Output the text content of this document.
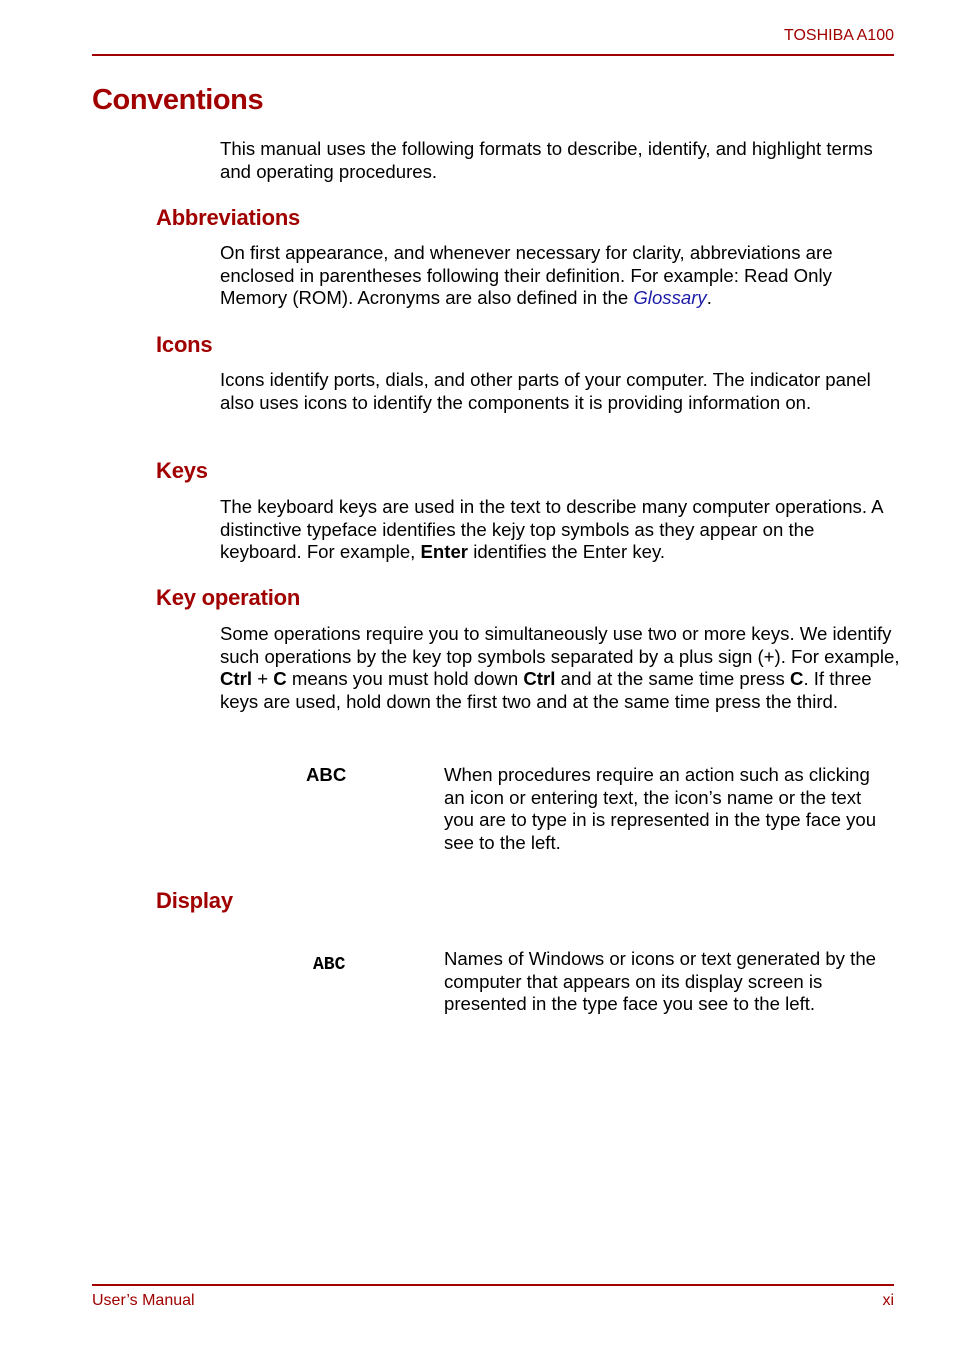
TOSHIBA A100
Conventions

This manual uses the following formats to describe, identify, and highlight terms and operating procedures.

Abbreviations

On first appearance, and whenever necessary for clarity, abbreviations are enclosed in parentheses following their definition. For example: Read Only Memory (ROM). Acronyms are also defined in the Glossary.

Icons

Icons identify ports, dials, and other parts of your computer. The indicator panel also uses icons to identify the components it is providing information on.

Keys

The keyboard keys are used in the text to describe many computer operations. A distinctive typeface identifies the kejy top symbols as they appear on the keyboard. For example, Enter identifies the Enter key.

Key operation

Some operations require you to simultaneously use two or more keys. We identify such operations by the key top symbols separated by a plus sign (+). For example, Ctrl + C means you must hold down Ctrl and at the same time press C. If three keys are used, hold down the first two and at the same time press the third.

ABC	When procedures require an action such as clicking an icon or entering text, the icon’s name or the text you are to type in is represented in the type face you see to the left.

Display
ABC	Names of Windows or icons or text generated by the computer that appears on its display screen is presented in the type face you see to the left.

User’s Manual	xi
